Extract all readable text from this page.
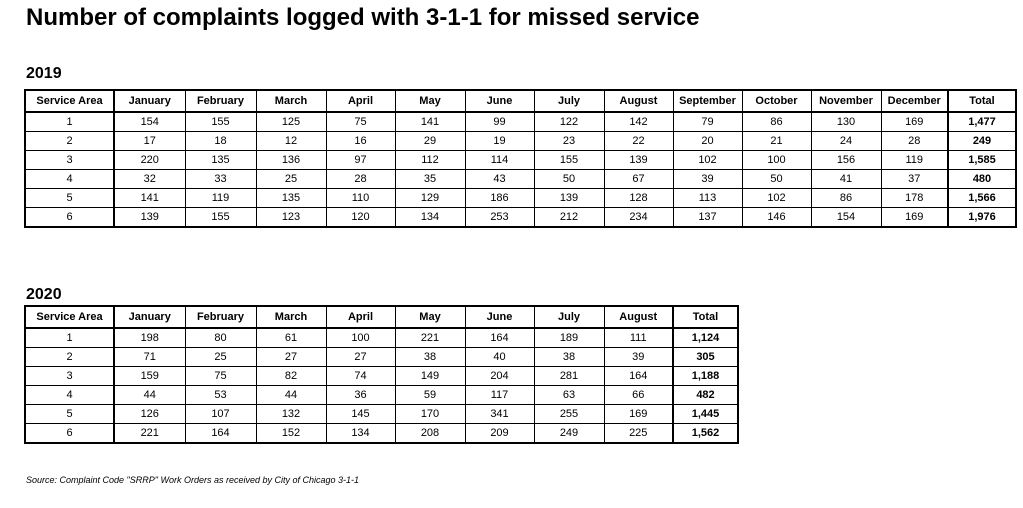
Number of complaints logged with 3-1-1 for missed service
2019
Service Area	January	February	March	April	May	June	July	August	September	October	November	December	Total
1	154	155	125	75	141	99	122	142	79	86	130	169	1,477
2	17	18	12	16	29	19	23	22	20	21	24	28	249
3	220	135	136	97	112	114	155	139	102	100	156	119	1,585
4	32	33	25	28	35	43	50	67	39	50	41	37	480
5	141	119	135	110	129	186	139	128	113	102	86	178	1,566
6	139	155	123	120	134	253	212	234	137	146	154	169	1,976
2020
Service Area	January	February	March	April	May	June	July	August	Total
1	198	80	61	100	221	164	189	111	1,124
2	71	25	27	27	38	40	38	39	305
3	159	75	82	74	149	204	281	164	1,188
4	44	53	44	36	59	117	63	66	482
5	126	107	132	145	170	341	255	169	1,445
6	221	164	152	134	208	209	249	225	1,562
Source: Complaint Code "SRRP" Work Orders as received by City of Chicago 3-1-1
